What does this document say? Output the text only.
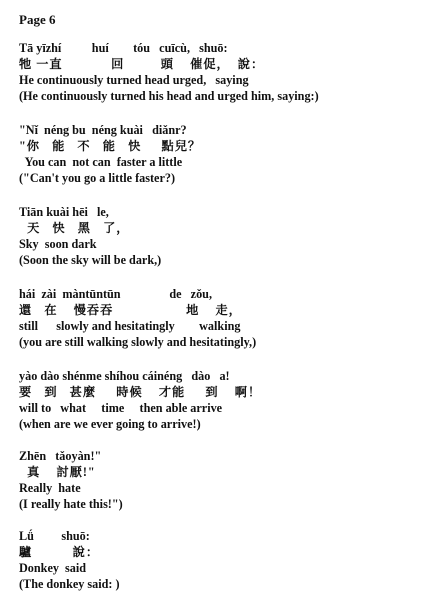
Page 6
Tā yīzhí          huí        tóu   cuīcù,   shuō:
牠 一直            回         頭    催促，  說：
He continuously turned head urged,   saying
(He continuously turned his head and urged him, saying:)
"Nǐ  néng bu  néng kuài   diǎnr?
"你   能   不   能   快     點兒？
You can  not can  faster a little
("Can't you go a little faster?)
Tiān kuài hēi   le,
天   快   黑   了，
Sky  soon dark
(Soon the sky will be dark,)
hái  zài  màntūntūn                de   zǒu,
還   在    慢吞吞                  地    走，
still      slowly and hesitatingly        walking
(you are still walking slowly and hesitatingly,)
yào dào shénme shíhou cáinéng   dào   a!
要   到   甚麼     時候    才能     到    啊！
will to   what     time     then able arrive
(when are we ever going to arrive!)
Zhēn   tǎoyàn!"
真    討厭!"
Really  hate
(I really hate this!")
Lǘ         shuō:
驢          說：
Donkey  said
(The donkey said: )
